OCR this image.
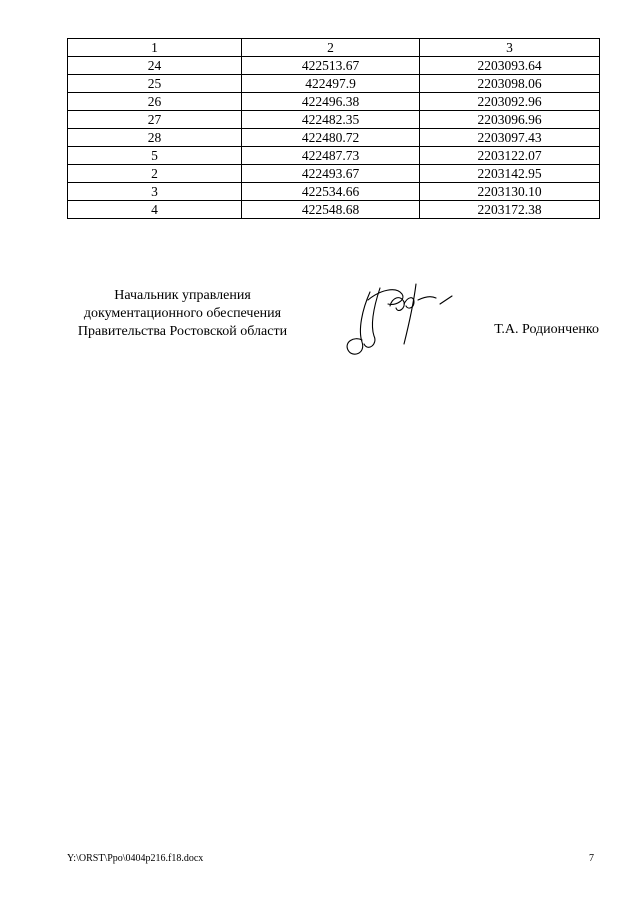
1	2	3
24	422513.67	2203093.64
25	422497.9	2203098.06
26	422496.38	2203092.96
27	422482.35	2203096.96
28	422480.72	2203097.43
5	422487.73	2203122.07
2	422493.67	2203142.95
3	422534.66	2203130.10
4	422548.68	2203172.38
Начальник управления
документационного обеспечения
Правительства Ростовской области	Т.А. Родионченко
Y:\ORST\Ppo\0404p216.f18.docx	7
